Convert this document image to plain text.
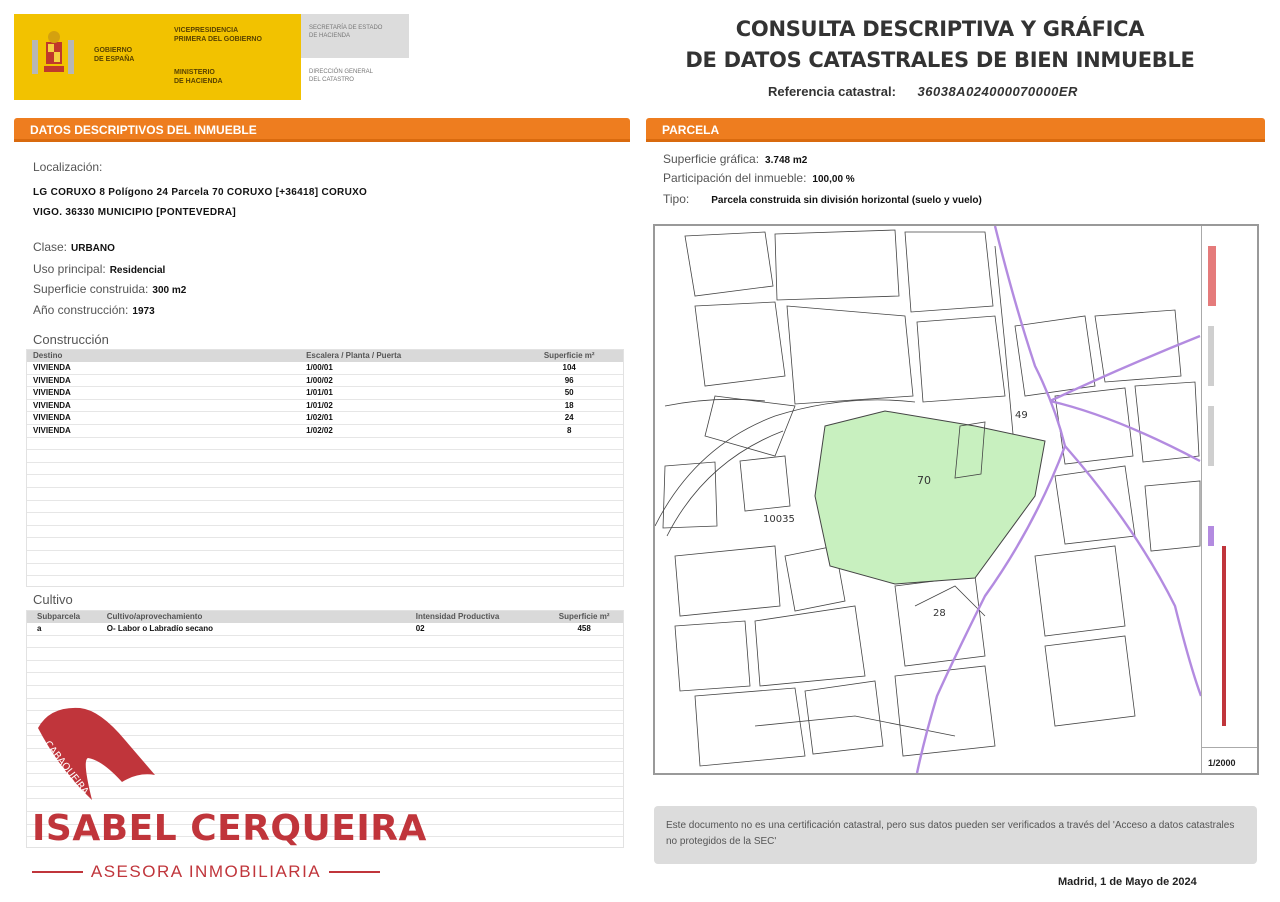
GOBIERNO
DE ESPAÑA
VICEPRESIDENCIA
PRIMERA DEL GOBIERNO
MINISTERIO
DE HACIENDA
SECRETARÍA DE ESTADO
DE HACIENDA
DIRECCIÓN GENERAL
DEL CATASTRO
CONSULTA DESCRIPTIVA Y GRÁFICA
DE DATOS CATASTRALES DE BIEN INMUEBLE
Referencia catastral: 36038A024000070000ER
DATOS DESCRIPTIVOS DEL INMUEBLE	PARCELA
Localización:
LG CORUXO 8 Polígono 24 Parcela 70 CORUXO [+36418] CORUXO
VIGO. 36330 MUNICIPIO [PONTEVEDRA]
Clase: URBANO
Uso principal: Residencial
Superficie construida: 300 m2
Año construcción: 1973
Construcción
Destino	Escalera / Planta / Puerta	Superficie m²
VIVIENDA	1/00/01	104
VIVIENDA	1/00/02	96
VIVIENDA	1/01/01	50
VIVIENDA	1/01/02	18
VIVIENDA	1/02/01	24
VIVIENDA	1/02/02	8
Cultivo
Subparcela	Cultivo/aprovechamiento	Intensidad Productiva	Superficie m²
a	O- Labor o Labradío secano	02	458
Superficie gráfica: 3.748 m2
Participación del inmueble: 100,00 %
Tipo: Parcela construida sin división horizontal (suelo y vuelo)
70
49
10035
28
1/2000
Este documento no es una certificación catastral, pero sus datos pueden ser verificados a través del 'Acceso a datos catastrales no protegidos de la SEC'
Madrid, 1 de Mayo de 2024
CABAQUEIRA
ISABEL CERQUEIRA
ASESORA INMOBILIARIA
